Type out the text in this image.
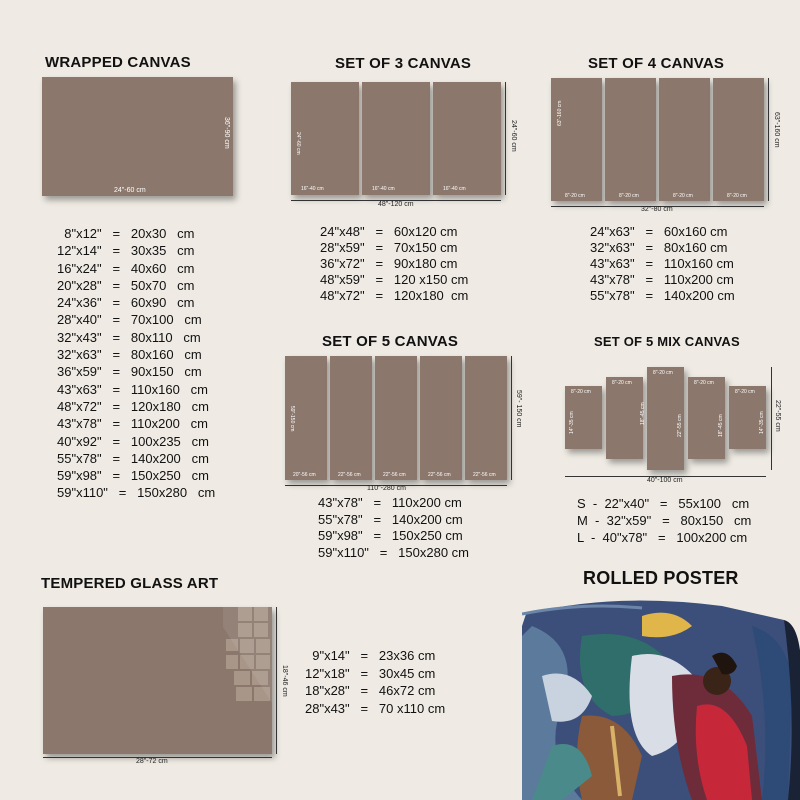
WRAPPED CANVAS
24"-60 cm
36"-90 cm
8"x12"   =   20x30   cm
12"x14"   =   30x35   cm
16"x24"   =   40x60   cm
20"x28"   =   50x70   cm
24"x36"   =   60x90   cm
28"x40"   =   70x100   cm
32"x43"   =   80x110   cm
32"x63"   =   80x160   cm
36"x59"   =   90x150   cm
43"x63"   =   110x160   cm
48"x72"   =   120x180   cm
43"x78"   =   110x200   cm
40"x92"   =   100x235   cm
55"x78"   =   140x200   cm
59"x98"   =   150x250   cm
59"x110"   =   150x280   cm
SET OF 3 CANVAS
16"-40 cm
24"-60 cm
16"-40 cm	16"-40 cm
48"-120 cm
24"-60 cm
24"x48"   =   60x120 cm
28"x59"   =   70x150 cm
36"x72"   =   90x180 cm
48"x59"   =   120 x150 cm
48"x72"   =   120x180  cm
SET OF 4 CANVAS
8"-20 cm
63"-160 cm
8"-20 cm	8"-20 cm	8"-20 cm
32"-80 cm
63"-160 cm
24"x63"   =   60x160 cm
32"x63"   =   80x160 cm
43"x63"   =   110x160 cm
43"x78"   =   110x200 cm
55"x78"   =   140x200 cm
SET OF 5 CANVAS
20"-56 cm
59"-150 cm
22"-56 cm	22"-56 cm	22"-56 cm	22"-56 cm
110"-280 cm
59"- 150 cm
43"x78"   =   110x200 cm
55"x78"   =   140x200 cm
59"x98"   =   150x250 cm
59"x110"   =   150x280 cm
SET OF 5 MIX CANVAS
8"-20 cm
14"-35 cm
8"-20 cm
18"-45 cm
8"-20 cm
22"-55 cm
8"-20 cm
18"-45 cm
8"-20 cm
14"-35 cm
40"-100 cm
22"-55 cm
S  -  22"x40"   =   55x100   cm
M  -  32"x59"   =   80x150   cm
L  -  40"x78"   =   100x200 cm
TEMPERED GLASS ART
28"-72 cm
18"-46 cm
9"x14"   =   23x36 cm
12"x18"   =   30x45 cm
18"x28"   =   46x72 cm
28"x43"   =   70 x110 cm
ROLLED POSTER
